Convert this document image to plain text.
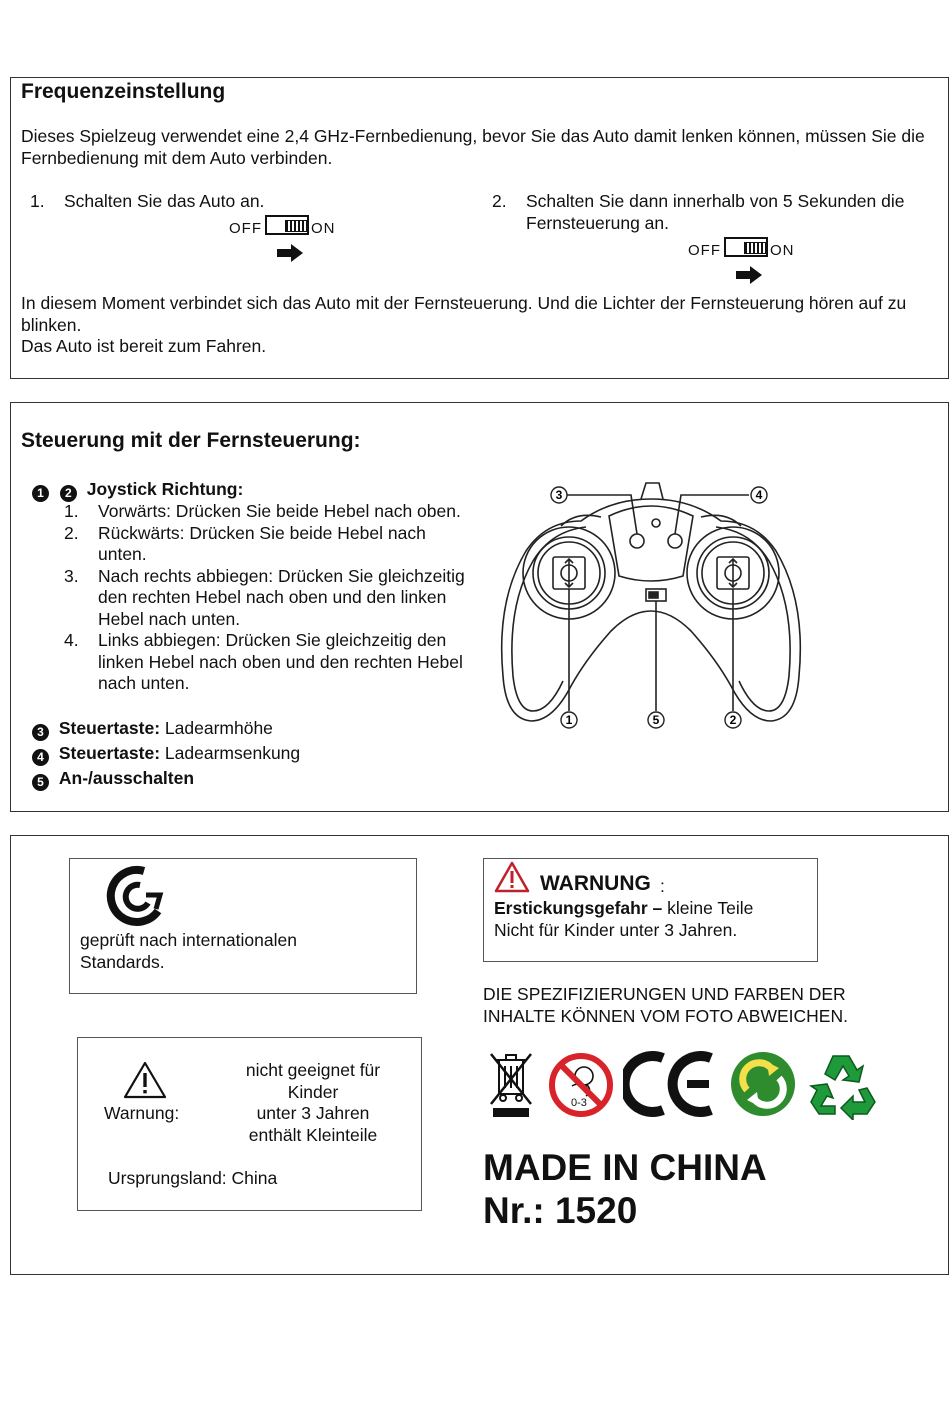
Frequenzeinstellung

Dieses Spielzeug verwendet eine 2,4 GHz-Fernbedienung, bevor Sie das Auto damit lenken können, müssen Sie die Fernbedienung mit dem Auto verbinden.

1. Schalten Sie das Auto an.
OFF	ON
2. Schalten Sie dann innerhalb von 5 Sekunden die Fernsteuerung an.
OFF	ON

In diesem Moment verbindet sich das Auto mit der Fernsteuerung. Und die Lichter der Fernsteuerung hören auf zu blinken.

Das Auto ist bereit zum Fahren.

Steuerung mit der Fernsteuerung:
1 2 Joystick Richtung:
1. Vorwärts: Drücken Sie beide Hebel nach oben.
2. Rückwärts: Drücken Sie beide Hebel nach unten.
3. Nach rechts abbiegen: Drücken Sie gleichzeitig den rechten Hebel nach oben und den linken Hebel nach unten.
4. Links abbiegen: Drücken Sie gleichzeitig den linken Hebel nach oben und den rechten Hebel nach unten.
3 Steuertaste: Ladearmhöhe
4 Steuertaste: Ladearmsenkung
5 An-/ausschalten
3	4
1	5	2

geprüft nach internationalen

Standards.

WARNUNG :

Erstickungsgefahr – kleine Teile

Nicht für Kinder unter 3 Jahren.

DIE SPEZIFIZIERUNGEN UND FARBEN DER INHALTE KÖNNEN VOM FOTO ABWEICHEN.

Warnung:
nicht geeignet für
Kinder
unter 3 Jahren
enthält Kleinteile
Ursprungsland: China
0-3
MADE IN CHINA
Nr.: 1520
